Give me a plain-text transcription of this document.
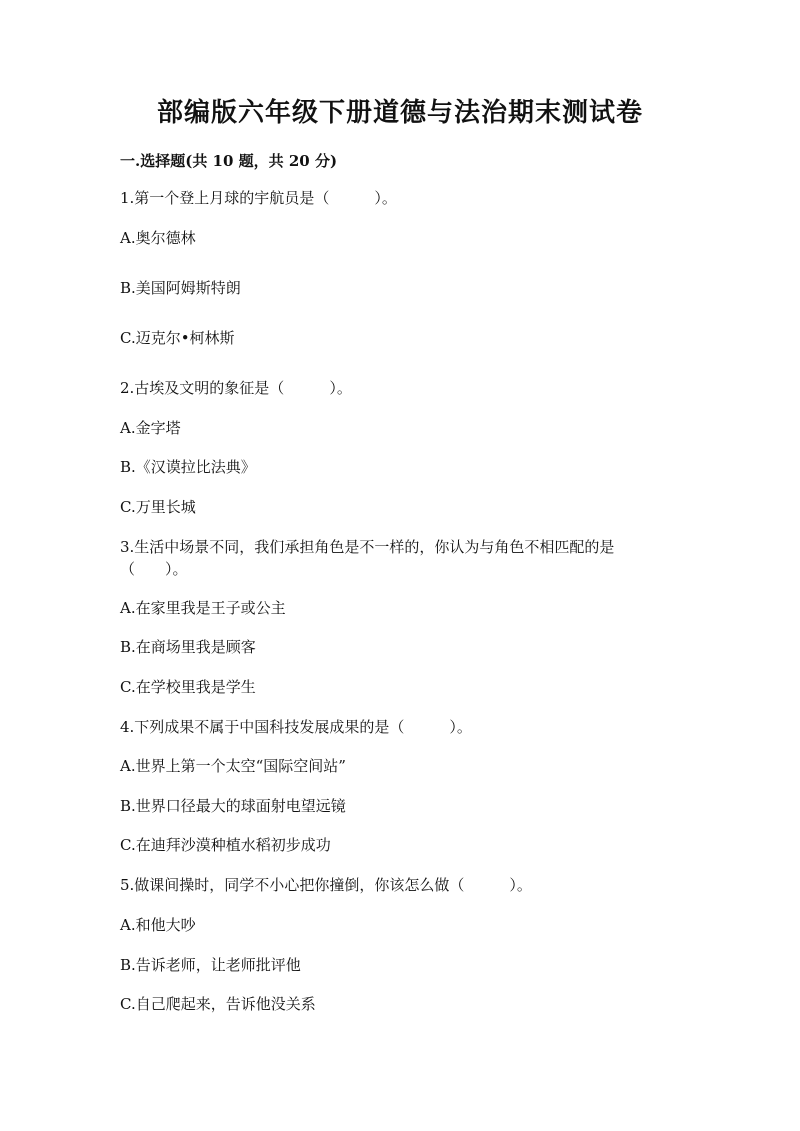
部编版六年级下册道德与法治期末测试卷
一.选择题(共 10 题，共 20 分)
1.第一个登上月球的宇航员是（　　　）。
A.奥尔德林
B.美国阿姆斯特朗
C.迈克尔•柯林斯
2.古埃及文明的象征是（　　　）。
A.金字塔
B.《汉谟拉比法典》
C.万里长城
3.生活中场景不同，我们承担角色是不一样的，你认为与角色不相匹配的是
（　　）。
A.在家里我是王子或公主
B.在商场里我是顾客
C.在学校里我是学生
4.下列成果不属于中国科技发展成果的是（　　　）。
A.世界上第一个太空“国际空间站”
B.世界口径最大的球面射电望远镜
C.在迪拜沙漠种植水稻初步成功
5.做课间操时，同学不小心把你撞倒，你该怎么做（　　　）。
A.和他大吵
B.告诉老师，让老师批评他
C.自己爬起来，告诉他没关系
